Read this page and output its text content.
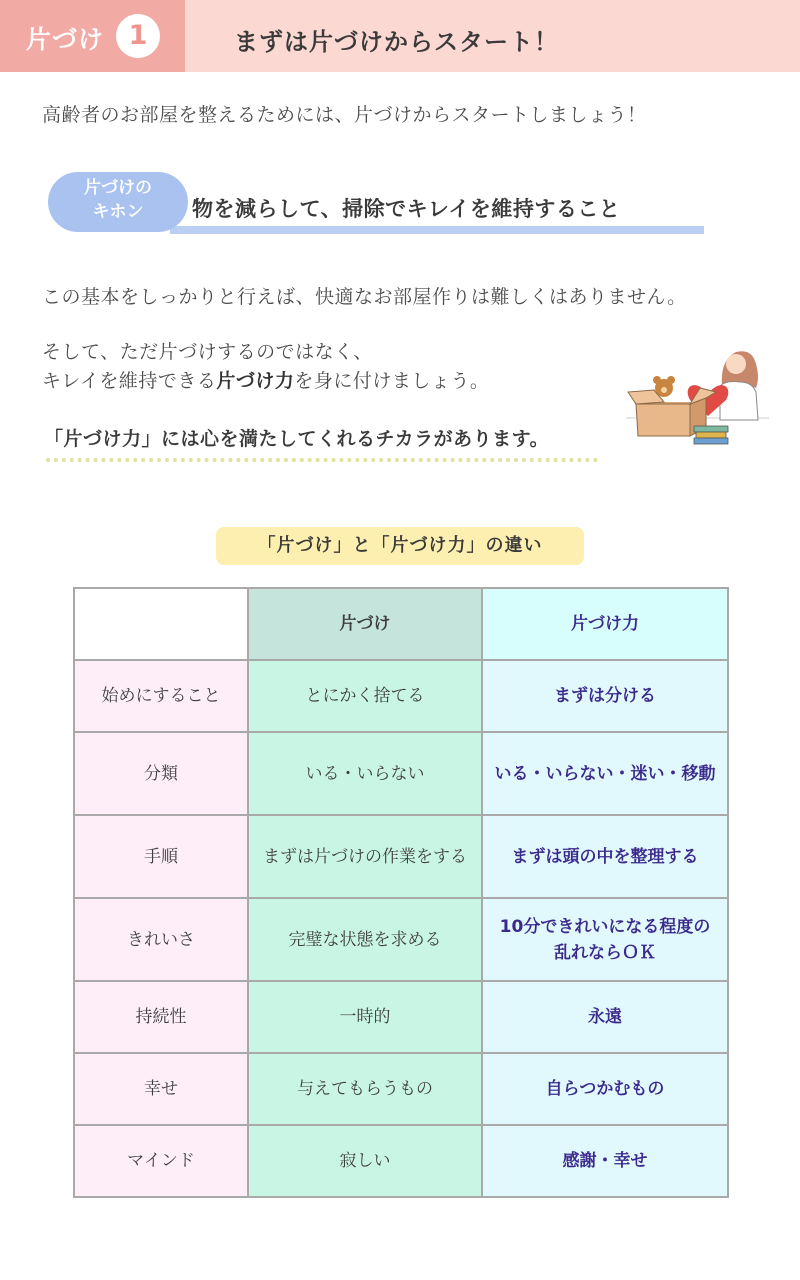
片づけ 1	まずは片づけからスタート！
高齢者のお部屋を整えるためには、片づけからスタートしましょう！
片づけの
キホン	物を減らして、掃除でキレイを維持すること
この基本をしっかりと行えば、快適なお部屋作りは難しくはありません。
そして、ただ片づけするのではなく、
キレイを維持できる片づけ力を身に付けましょう。
「片づけ力」には心を満たしてくれるチカラがあります。
「片づけ」と「片づけ力」の違い
	片づけ	片づけ力
始めにすること	とにかく捨てる	まずは分ける
分類	いる・いらない	いる・いらない・迷い・移動
手順	まずは片づけの作業をする	まずは頭の中を整理する
きれいさ	完璧な状態を求める	10分できれいになる程度の乱れならＯＫ
持続性	一時的	永遠
幸せ	与えてもらうもの	自らつかむもの
マインド	寂しい	感謝・幸せ
